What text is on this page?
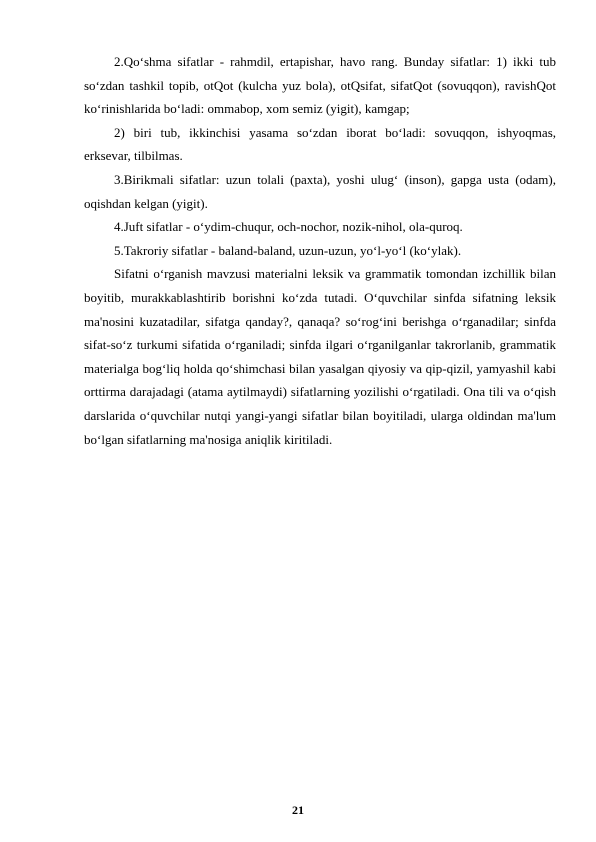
2.Qo‘shma sifatlar - rahmdil, ertapishar, havo rang. Bunday sifatlar: 1) ikki tub so‘zdan tashkil topib, otQot (kulcha yuz bola), otQsifat, sifatQot (sovuqqon), ravishQot ko‘rinishlarida bo‘ladi: ommabop, xom semiz (yigit), kamgap;

2) biri tub, ikkinchisi yasama so‘zdan iborat bo‘ladi: sovuqqon, ishyoqmas, erksevar, tilbilmas.

3.Birikmali sifatlar: uzun tolali (paxta), yoshi ulug‘ (inson), gapga usta (odam), oqishdan kelgan (yigit).

4.Juft sifatlar - o‘ydim-chuqur, och-nochor, nozik-nihol, ola-quroq.

5.Takroriy sifatlar - baland-baland, uzun-uzun, yo‘l-yo‘l (ko‘ylak).

Sifatni o‘rganish mavzusi materialni leksik va grammatik tomondan izchillik bilan boyitib, murakkablashtirib borishni ko‘zda tutadi. O‘quvchilar sinfda sifatning leksik ma'nosini kuzatadilar, sifatga qanday?, qanaqa? so‘rog‘ini berishga o‘rganadilar; sinfda sifat-so‘z turkumi sifatida o‘rganiladi; sinfda ilgari o‘rganilganlar takrorlanib, grammatik materialga bog‘liq holda qo‘shimchasi bilan yasalgan qiyosiy va qip-qizil, yamyashil kabi orttirma darajadagi (atama aytilmaydi) sifatlarning yozilishi o‘rgatiladi. Ona tili va o‘qish darslarida o‘quvchilar nutqi yangi-yangi sifatlar bilan boyitiladi, ularga oldindan ma'lum bo‘lgan sifatlarning ma'nosiga aniqlik kiritiladi.

21
